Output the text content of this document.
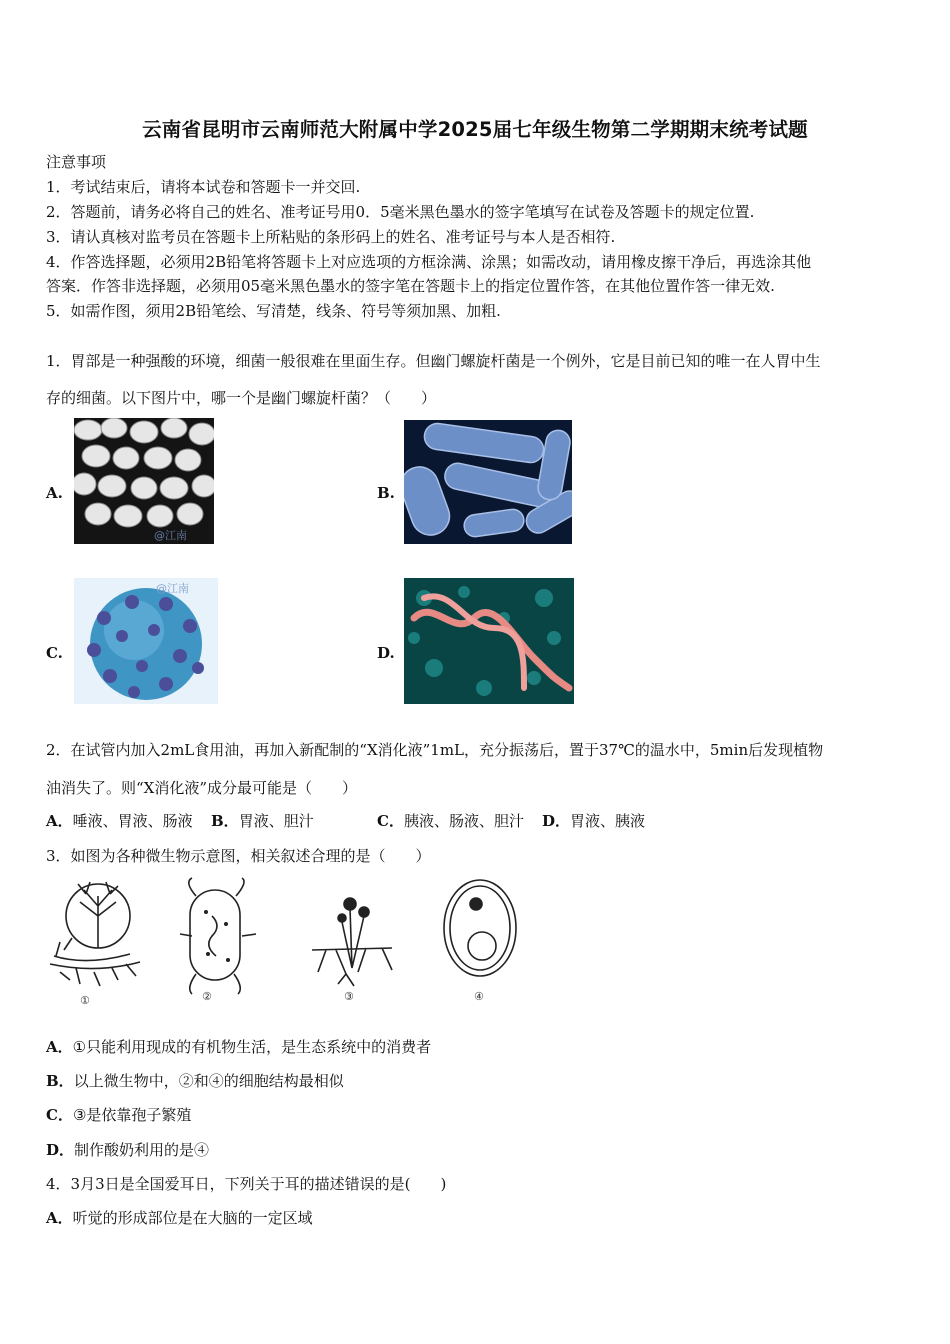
云南省昆明市云南师范大附属中学2025届七年级生物第二学期期末统考试题
注意事项
1．考试结束后，请将本试卷和答题卡一并交回.
2．答题前，请务必将自己的姓名、准考证号用0．5毫米黑色墨水的签字笔填写在试卷及答题卡的规定位置.
3．请认真核对监考员在答题卡上所粘贴的条形码上的姓名、准考证号与本人是否相符.
4．作答选择题，必须用2B铅笔将答题卡上对应选项的方框涂满、涂黑；如需改动，请用橡皮擦干净后，再选涂其他
答案．作答非选择题，必须用05毫米黑色墨水的签字笔在答题卡上的指定位置作答，在其他位置作答一律无效.
5．如需作图，须用2B铅笔绘、写清楚，线条、符号等须加黑、加粗.
1．胃部是一种强酸的环境，细菌一般很难在里面生存。但幽门螺旋杆菌是一个例外，它是目前已知的唯一在人胃中生
存的细菌。以下图片中，哪一个是幽门螺旋杆菌？（　　）
A.
@江南
B.
C.
@江南
D.
2．在试管内加入2mL食用油，再加入新配制的“X消化液”1mL，充分振荡后，置于37℃的温水中，5min后发现植物
油消失了。则“X消化液”成分最可能是（　　）
A．唾液、胃液、肠液 B．胃液、胆汁	C．胰液、肠液、胆汁 D．胃液、胰液
3．如图为各种微生物示意图，相关叙述合理的是（　　）
①	②	③	④
A．①只能利用现成的有机物生活，是生态系统中的消费者
B．以上微生物中，②和④的细胞结构最相似
C．③是依靠孢子繁殖
D．制作酸奶利用的是④
4．3月3日是全国爱耳日，下列关于耳的描述错误的是(　　)
A．听觉的形成部位是在大脑的一定区域
